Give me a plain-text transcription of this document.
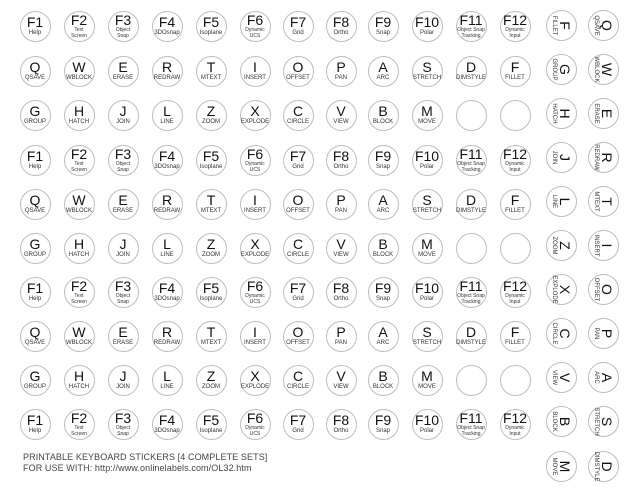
F1
Help
F2
Text
Screen
F3
Object
Snap
F4
3DOsnap
F5
Isoplane
F6
Dynamic
UCS
F7
Grid
F8
Ortho
F9
Snap
F10
Polar
F11
Object Snap
Tracking
F12
Dynamic
Input
Q
QSAVE
W
WBLOCK
E
ERASE
R
REDRAW
T
MTEXT
I
INSERT
O
OFFSET
P
PAN
A
ARC
S
STRETCH
D
DIMSTYLE
F
FILLET
G
GROUP
H
HATCH
J
JOIN
L
LINE
Z
ZOOM
X
EXPLODE
C
CIRCLE
V
VIEW
B
BLOCK
M
MOVE
F1
Help
F2
Text
Screen
F3
Object
Snap
F4
3DOsnap
F5
Isoplane
F6
Dynamic
UCS
F7
Grid
F8
Ortho
F9
Snap
F10
Polar
F11
Object Snap
Tracking
F12
Dynamic
Input
Q
QSAVE
W
WBLOCK
E
ERASE
R
REDRAW
T
MTEXT
I
INSERT
O
OFFSET
P
PAN
A
ARC
S
STRETCH
D
DIMSTYLE
F
FILLET
G
GROUP
H
HATCH
J
JOIN
L
LINE
Z
ZOOM
X
EXPLODE
C
CIRCLE
V
VIEW
B
BLOCK
M
MOVE
F1
Help
F2
Text
Screen
F3
Object
Snap
F4
3DOsnap
F5
Isoplane
F6
Dynamic
UCS
F7
Grid
F8
Ortho
F9
Snap
F10
Polar
F11
Object Snap
Tracking
F12
Dynamic
Input
Q
QSAVE
W
WBLOCK
E
ERASE
R
REDRAW
T
MTEXT
I
INSERT
O
OFFSET
P
PAN
A
ARC
S
STRETCH
D
DIMSTYLE
F
FILLET
G
GROUP
H
HATCH
J
JOIN
L
LINE
Z
ZOOM
X
EXPLODE
C
CIRCLE
V
VIEW
B
BLOCK
M
MOVE
F1
Help
F2
Text
Screen
F3
Object
Snap
F4
3DOsnap
F5
Isoplane
F6
Dynamic
UCS
F7
Grid
F8
Ortho
F9
Snap
F10
Polar
F11
Object Snap
Tracking
F12
Dynamic
Input
F
FILLET
G
GROUP
H
HATCH
J
JOIN
L
LINE
Z
ZOOM
X
EXPLODE
C
CIRCLE
V
VIEW
B
BLOCK
M
MOVE
Q
QSAVE
W
WBLOCK
E
ERASE
R
REDRAW
T
MTEXT
I
INSERT
O
OFFSET
P
PAN
A
ARC
S
STRETCH
D
DIMSTYLE
PRINTABLE KEYBOARD STICKERS [4 COMPLETE SETS]
FOR USE WITH: http://www.onlinelabels.com/OL32.htm
